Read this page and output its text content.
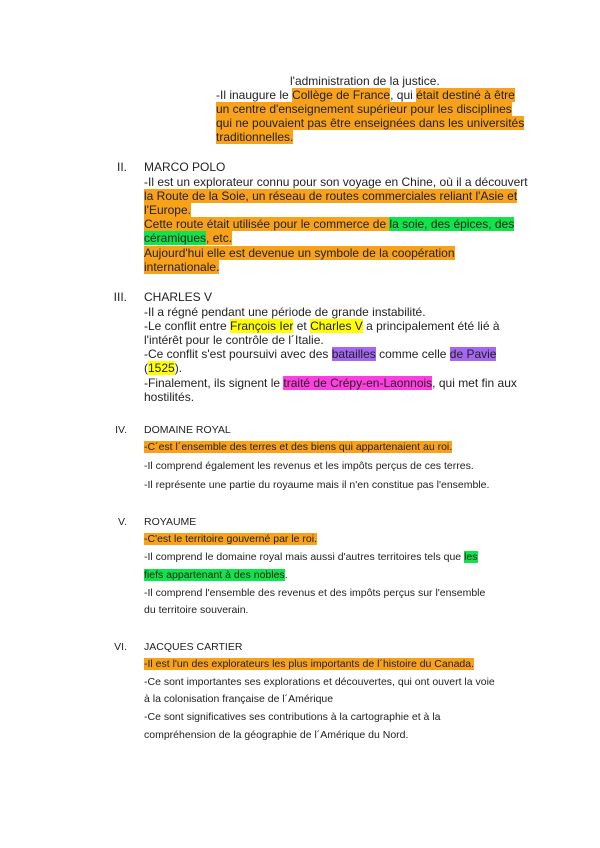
l'administration de la justice.
-Il inaugure le Collège de France, qui était destiné à être
un centre d'enseignement supérieur pour les disciplines
qui ne pouvaient pas être enseignées dans les universités
traditionnelles.
II. MARCO POLO
-Il est un explorateur connu pour son voyage en Chine, où il a découvert
la Route de la Soie, un réseau de routes commerciales reliant l'Asie et
l'Europe.
Cette route était utilisée pour le commerce de la soie, des épices, des
céramiques, etc.
Aujourd'hui elle est devenue un symbole de la coopération
internationale.
III. CHARLES V
-Il a régné pendant une période de grande instabilité.
-Le conflit entre François Ier et Charles V a principalement été lié à
l'intérêt pour le contrôle de l´Italie.
-Ce conflit s'est poursuivi avec des batailles comme celle de Pavie
(1525).
-Finalement, ils signent le traité de Crépy-en-Laonnois, qui met fin aux
hostilités.
IV. DOMAINE ROYAL
-C´est l´ensemble des terres et des biens qui appartenaient au roi.
-Il comprend également les revenus et les impôts perçus de ces terres.
-Il représente une partie du royaume mais il n'en constitue pas l'ensemble.
V. ROYAUME
-C'est le territoire gouverné par le roi.
-Il comprend le domaine royal mais aussi d'autres territoires tels que les
fiefs appartenant à des nobles.
-Il comprend l'ensemble des revenus et des impôts perçus sur l'ensemble
du territoire souverain.
VI. JACQUES CARTIER
-Il est l'un des explorateurs les plus importants de l´histoire du Canada.
-Ce sont importantes ses explorations et découvertes, qui ont ouvert la voie
à la colonisation française de l´Amérique
-Ce sont significatives ses contributions à la cartographie et à la
compréhension de la géographie de l´Amérique du Nord.
